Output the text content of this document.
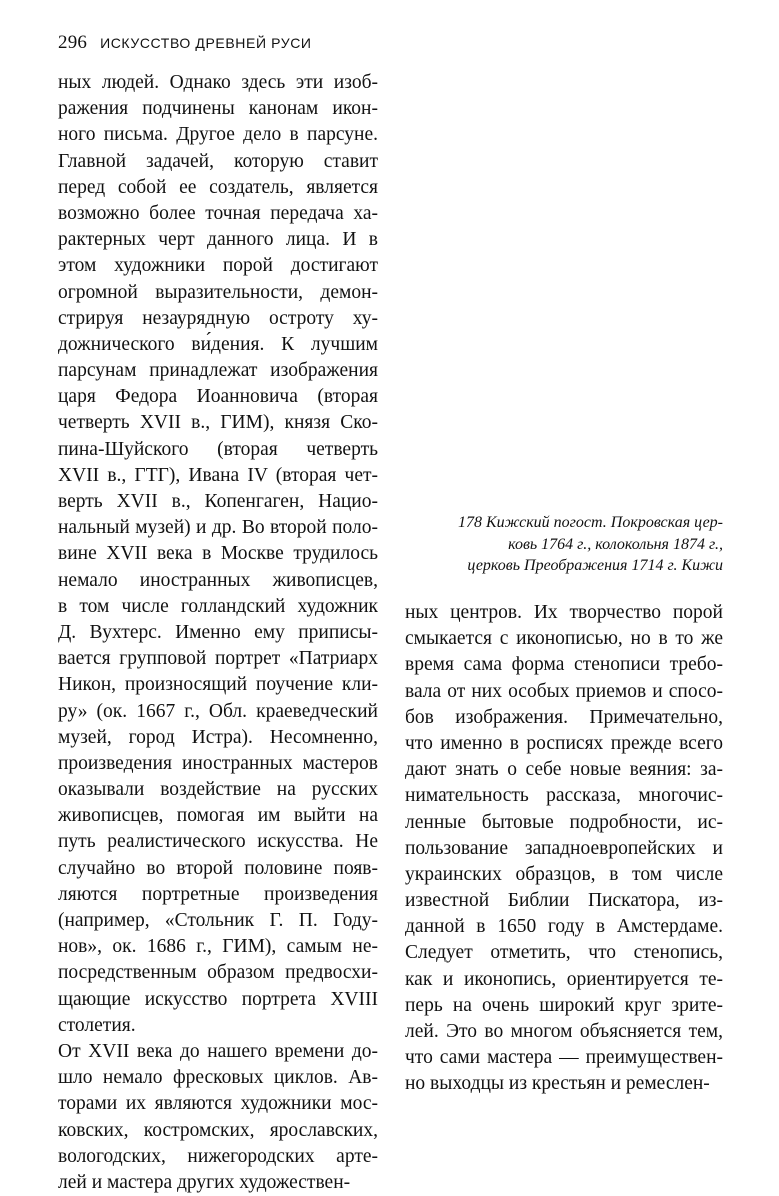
296 ИСКУССТВО ДРЕВНЕЙ РУСИ
ных людей. Однако здесь эти изоб-
ражения подчинены канонам икон-
ного письма. Другое дело в парсуне.
Главной задачей, которую ставит
перед собой ее создатель, является
возможно более точная передача ха-
рактерных черт данного лица. И в
этом художники порой достигают
огромной выразительности, демон-
стрируя незаурядную остроту ху-
дожнического ви́дения. К лучшим
парсунам принадлежат изображения
царя Федора Иоанновича (вторая
четверть XVII в., ГИМ), князя Ско-
пина-Шуйского (вторая четверть
XVII в., ГТГ), Ивана IV (вторая чет-
верть XVII в., Копенгаген, Нацио-
нальный музей) и др. Во второй поло-
вине XVII века в Москве трудилось
немало иностранных живописцев,
в том числе голландский художник
Д. Вухтерс. Именно ему приписы-
вается групповой портрет «Патриарх
Никон, произносящий поучение кли-
ру» (ок. 1667 г., Обл. краеведческий
музей, город Истра). Несомненно,
произведения иностранных мастеров
оказывали воздействие на русских
живописцев, помогая им выйти на
путь реалистического искусства. Не
случайно во второй половине появ-
ляются портретные произведения
(например, «Стольник Г. П. Году-
нов», ок. 1686 г., ГИМ), самым не-
посредственным образом предвосхи-
щающие искусство портрета XVIII
столетия.
От XVII века до нашего времени до-
шло немало фресковых циклов. Ав-
торами их являются художники мос-
ковских, костромских, ярославских,
вологодских, нижегородских арте-
лей и мастера других художествен-
178 Кижский погост. Покровская цер-
ковь 1764 г., колокольня 1874 г.,
церковь Преображения 1714 г. Кижи
ных центров. Их творчество порой
смыкается с иконописью, но в то же
время сама форма стенописи требо-
вала от них особых приемов и спосо-
бов изображения. Примечательно,
что именно в росписях прежде всего
дают знать о себе новые веяния: за-
нимательность рассказа, многочис-
ленные бытовые подробности, ис-
пользование западноевропейских и
украинских образцов, в том числе
известной Библии Пискатора, из-
данной в 1650 году в Амстердаме.
Следует отметить, что стенопись,
как и иконопись, ориентируется те-
перь на очень широкий круг зрите-
лей. Это во многом объясняется тем,
что сами мастера — преимуществен-
но выходцы из крестьян и ремеслен-
